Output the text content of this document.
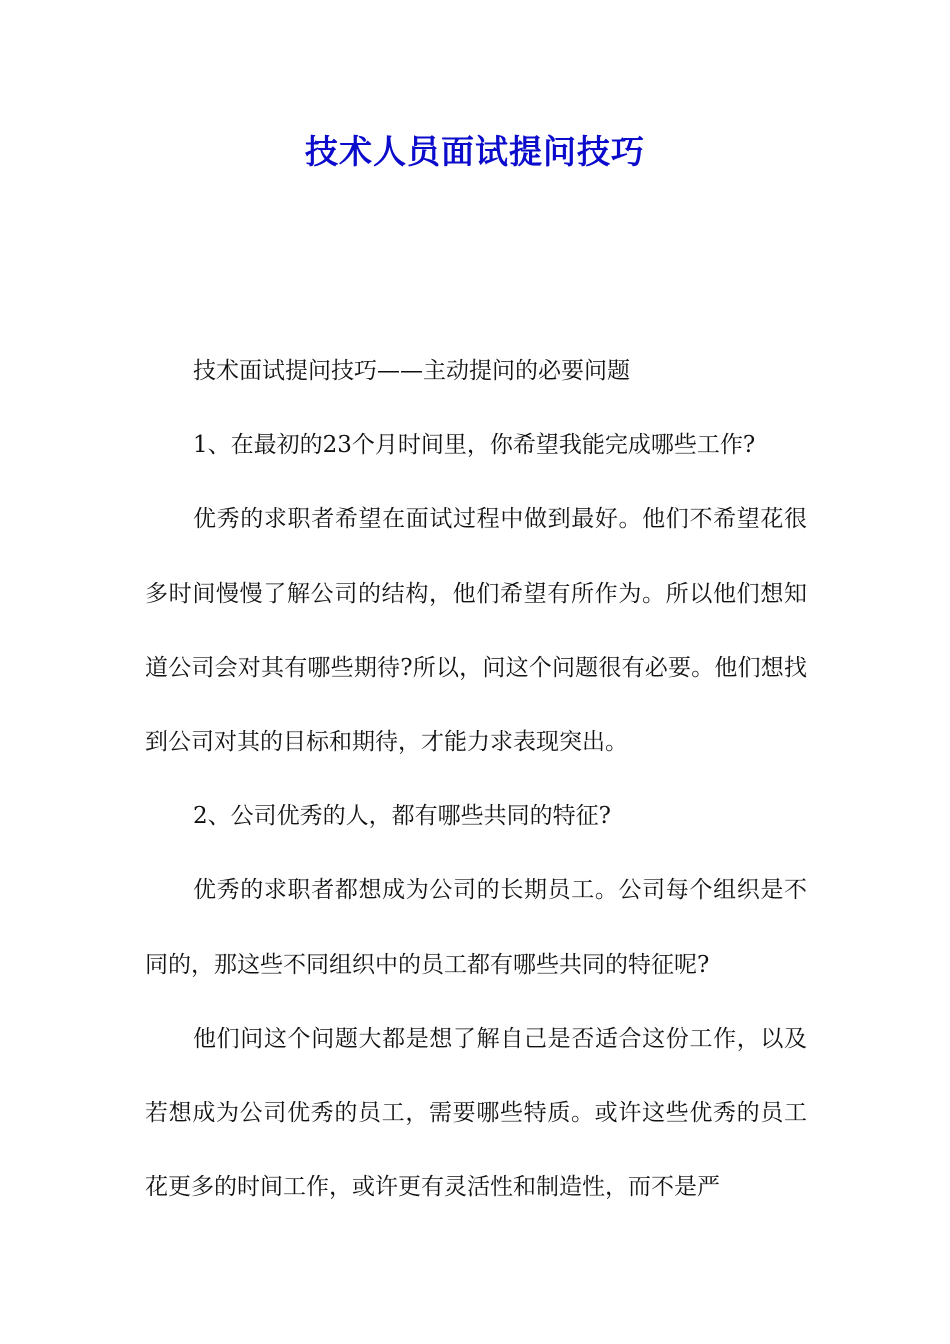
技术人员面试提问技巧

技术面试提问技巧——主动提问的必要问题

1、在最初的23个月时间里，你希望我能完成哪些工作?

优秀的求职者希望在面试过程中做到最好。他们不希望花很多时间慢慢了解公司的结构，他们希望有所作为。所以他们想知道公司会对其有哪些期待?所以，问这个问题很有必要。他们想找到公司对其的目标和期待，才能力求表现突出。

2、公司优秀的人，都有哪些共同的特征?

优秀的求职者都想成为公司的长期员工。公司每个组织是不同的，那这些不同组织中的员工都有哪些共同的特征呢?

他们问这个问题大都是想了解自己是否适合这份工作，以及若想成为公司优秀的员工，需要哪些特质。或许这些优秀的员工花更多的时间工作，或许更有灵活性和制造性，而不是严
